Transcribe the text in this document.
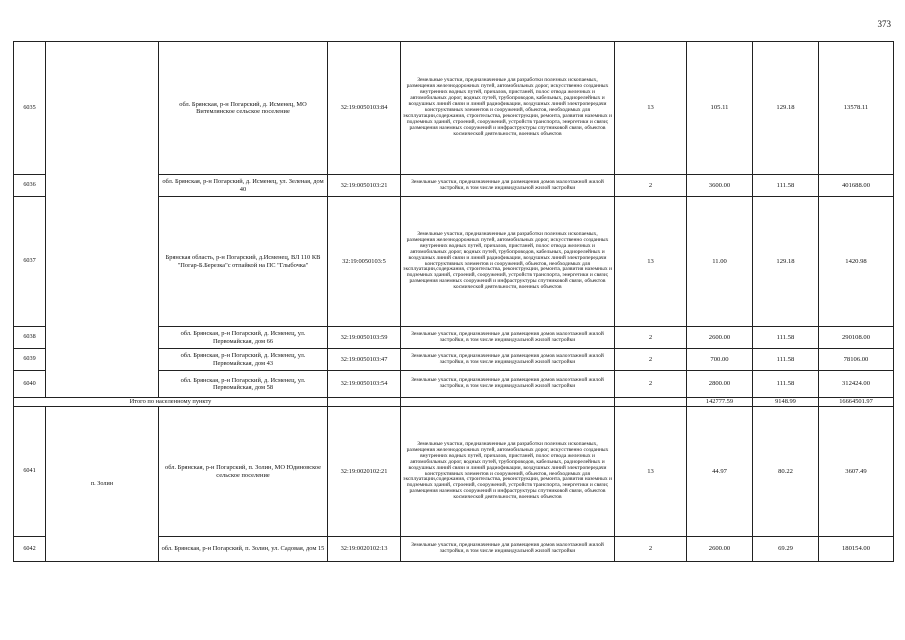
373
6035		обл. Брянская, р-н Погарский, д. Исменец, МО Витемлянское сельское поселение	32:19:0050103:84	Земельные участки, предназначенные для разработки полезных ископаемых, размещения железнодорожных путей, автомобильных дорог, искусственно созданных внутренних водных путей, причалов, пристаней, полос отвода железных и автомобильных дорог, водных путей, трубопроводов, кабельных, радиорелейных и воздушных линий связи и линий радиофикации, воздушных линий электропередачи конструктивных элементов и сооружений, объектов, необходимых для эксплуатации,содержания, строительства, реконструкции, ремонта, развития наземных и подземных зданий, строений, сооружений, устройств транспорта, энергетики и связи; размещения наземных сооружений и инфраструктуры спутниковой связи, объектов космической деятельности, военных объектов	13	105.11	129.18	13578.11
6036		обл. Брянская, р-н Погарский, д. Исменец, ул. Зеленая, дом 40	32:19:0050103:21	Земельные участки, предназначенные для размещения домов малоэтажной жилой застройки, в том числе индивидуальной жилой застройки	2	3600.00	111.58	401688.00
6037		Брянская область, р-н Погарский, д.Исменец, ВЛ 110 КВ "Погар-Б.Березка"с отпайкой на ПС "Глыбочка"	32:19:0050103:5	Земельные участки, предназначенные для разработки полезных ископаемых, размещения железнодорожных путей, автомобильных дорог, искусственно созданных внутренних водных путей, причалов, пристаней, полос отвода железных и автомобильных дорог, водных путей, трубопроводов, кабельных, радиорелейных и воздушных линий связи и линий радиофикации, воздушных линий электропередачи конструктивных элементов и сооружений, объектов, необходимых для эксплуатации,содержания, строительства, реконструкции, ремонта, развития наземных и подземных зданий, строений, сооружений, устройств транспорта, энергетики и связи; размещения наземных сооружений и инфраструктуры спутниковой связи, объектов космической деятельности, военных объектов	13	11.00	129.18	1420.98
6038		обл. Брянская, р-н Погарский, д. Исменец, ул. Первомайская, дом 66	32:19:0050103:59	Земельные участки, предназначенные для размещения домов малоэтажной жилой застройки, в том числе индивидуальной жилой застройки	2	2600.00	111.58	290108.00
6039		обл. Брянская, р-н Погарский, д. Исменец, ул. Первомайская, дом 43	32:19:0050103:47	Земельные участки, предназначенные для размещения домов малоэтажной жилой застройки, в том числе индивидуальной жилой застройки	2	700.00	111.58	78106.00
6040		обл. Брянская, р-н Погарский, д. Исменец, ул. Первомайская, дом 58	32:19:0050103:54	Земельные участки, предназначенные для размещения домов малоэтажной жилой застройки, в том числе индивидуальной жилой застройки	2	2800.00	111.58	312424.00
Итого по населенному пункту						142777.59	9148.99	16664501.97
6041	п. Золин	обл. Брянская, р-н Погарский, п. Золин, МО Юдиновское сельское поселение	32:19:0020102:21	Земельные участки, предназначенные для разработки полезных ископаемых, размещения железнодорожных путей, автомобильных дорог, искусственно созданных внутренних водных путей, причалов, пристаней, полос отвода железных и автомобильных дорог, водных путей, трубопроводов, кабельных, радиорелейных и воздушных линий связи и линий радиофикации, воздушных линий электропередачи конструктивных элементов и сооружений, объектов, необходимых для эксплуатации,содержания, строительства, реконструкции, ремонта, развития наземных и подземных зданий, строений, сооружений, устройств транспорта, энергетики и связи; размещения наземных сооружений и инфраструктуры спутниковой связи, объектов космической деятельности, военных объектов	13	44.97	80.22	3607.49
6042		обл. Брянская, р-н Погарский, п. Золин, ул. Садовая, дом 15	32:19:0020102:13	Земельные участки, предназначенные для размещения домов малоэтажной жилой застройки, в том числе индивидуальной жилой застройки	2	2600.00	69.29	180154.00
